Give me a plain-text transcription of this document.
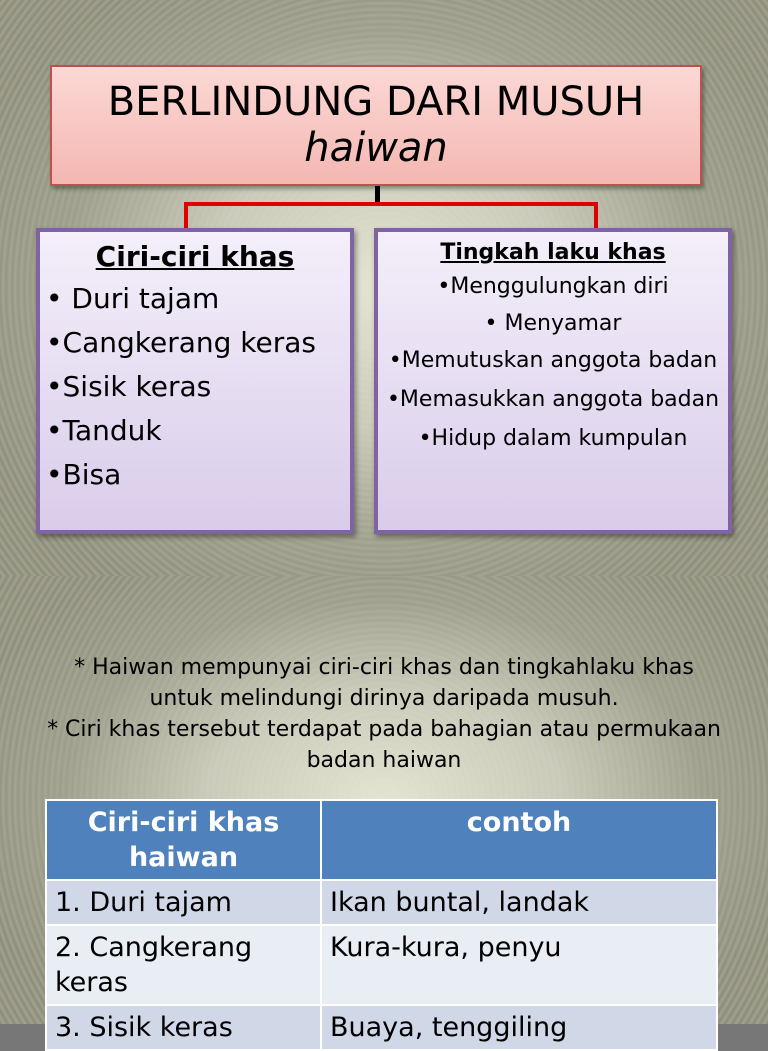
BERLINDUNG DARI MUSUH
haiwan
Ciri-ciri khas
• Duri tajam
•Cangkerang keras
•Sisik keras
•Tanduk
•Bisa
Tingkah laku khas
•Menggulungkan diri
• Menyamar
•Memutuskan anggota badan
•Memasukkan anggota badan
•Hidup dalam kumpulan
* Haiwan mempunyai ciri-ciri khas dan tingkahlaku khas untuk melindungi dirinya daripada musuh.
* Ciri khas tersebut terdapat pada bahagian atau permukaan badan haiwan
Ciri-ciri khas haiwan	contoh
1. Duri tajam	Ikan buntal, landak
2. Cangkerang keras	Kura-kura, penyu
3. Sisik keras	Buaya, tenggiling
